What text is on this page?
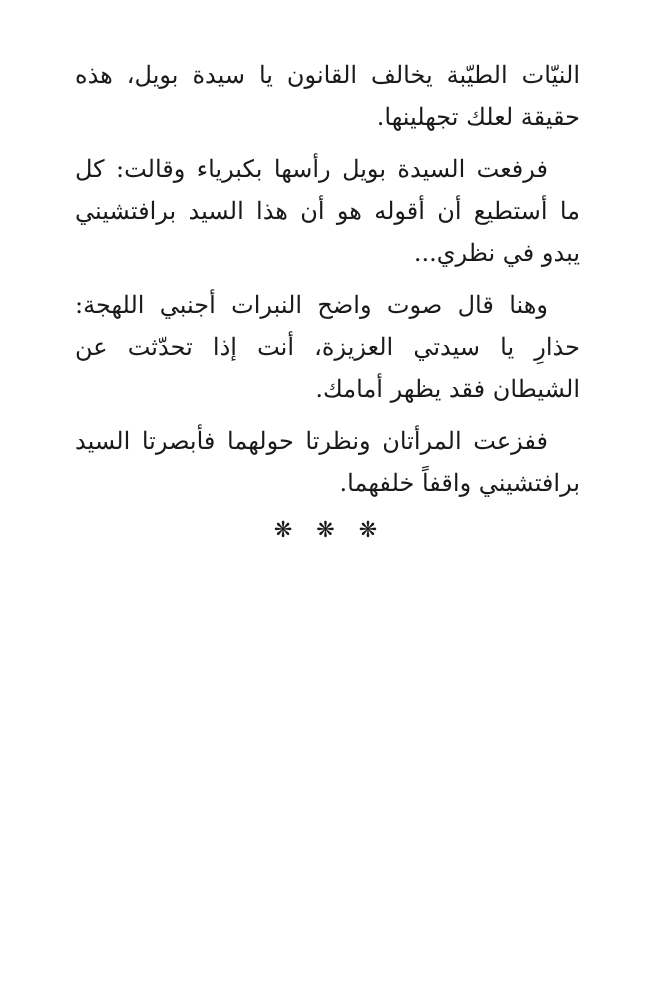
النيّات الطيّبة يخالف القانون يا سيدة بويل، هذه حقيقة لعلك تجهلينها.

فرفعت السيدة بويل رأسها بكبرياء وقالت: كل ما أستطيع أن أقوله هو أن هذا السيد برافتشيني يبدو في نظري...

وهنا قال صوت واضح النبرات أجنبي اللهجة: حذارِ يا سيدتي العزيزة، أنت إذا تحدّثت عن الشيطان فقد يظهر أمامك.

ففزعت المرأتان ونظرتا حولهما فأبصرتا السيد برافتشيني واقفاً خلفهما.

❋❋❋
